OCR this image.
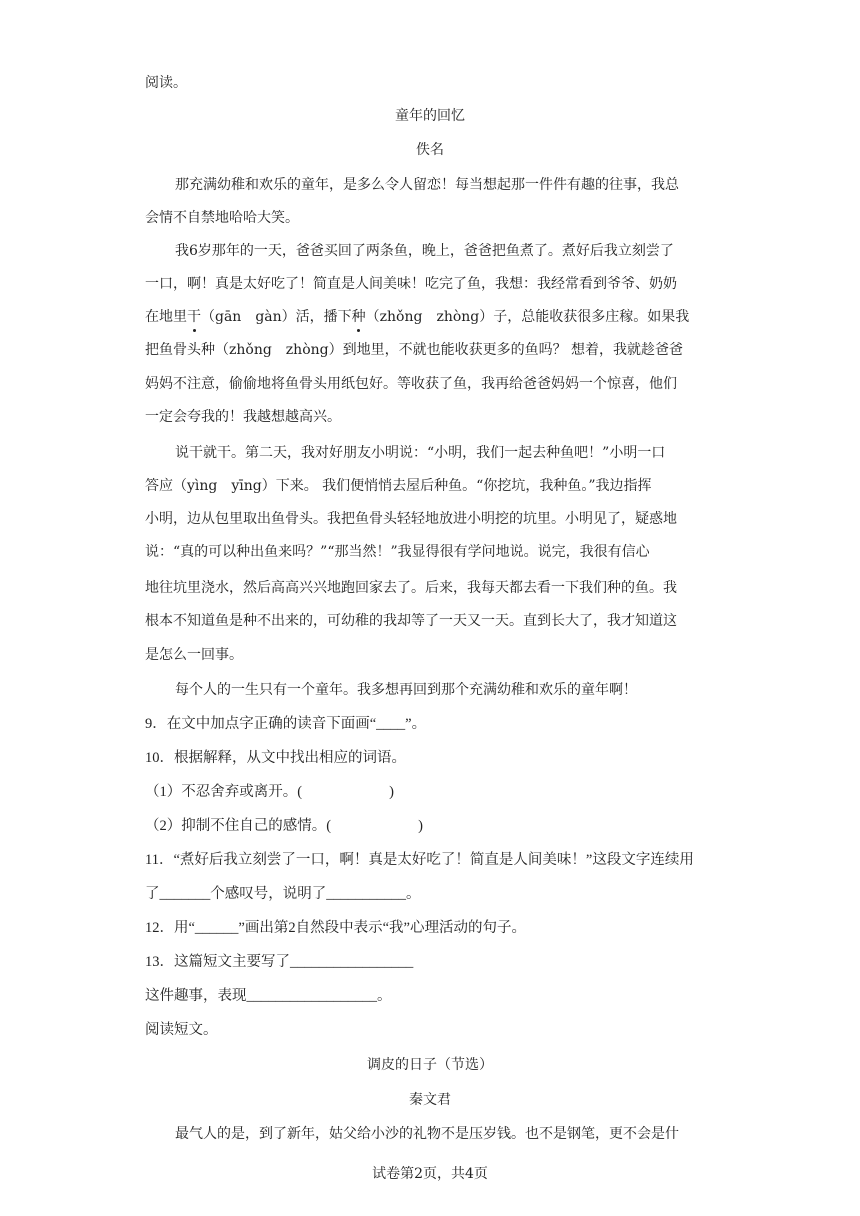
阅读。
童年的回忆
佚名
那充满幼稚和欢乐的童年，是多么令人留恋！每当想起那一件件有趣的往事，我总
会情不自禁地哈哈大笑。
我6岁那年的一天，爸爸买回了两条鱼，晚上，爸爸把鱼煮了。煮好后我立刻尝了
一口，啊！真是太好吃了！简直是人间美味！吃完了鱼，我想：我经常看到爷爷、奶奶
在地里干（gān　gàn）活，播下种（zhǒng　zhòng）子，总能收获很多庄稼。如果我
把鱼骨头种（zhǒng　zhòng）到地里，不就也能收获更多的鱼吗？ 想着，我就趁爸爸
妈妈不注意，偷偷地将鱼骨头用纸包好。等收获了鱼，我再给爸爸妈妈一个惊喜，他们
一定会夸我的！我越想越高兴。
说干就干。第二天，我对好朋友小明说：“小明，我们一起去种鱼吧！”小明一口
答应（yìng　yīng）下来。 我们便悄悄去屋后种鱼。“你挖坑，我种鱼。”我边指挥
小明，边从包里取出鱼骨头。我把鱼骨头轻轻地放进小明挖的坑里。小明见了，疑惑地
说：“真的可以种出鱼来吗？”“那当然！”我显得很有学问地说。说完，我很有信心
地往坑里浇水，然后高高兴兴地跑回家去了。后来，我每天都去看一下我们种的鱼。我
根本不知道鱼是种不出来的，可幼稚的我却等了一天又一天。直到长大了，我才知道这
是怎么一回事。
每个人的一生只有一个童年。我多想再回到那个充满幼稚和欢乐的童年啊！
9．在文中加点字正确的读音下面画“____”。
10．根据解释，从文中找出相应的词语。
（1）不忍舍弃或离开。(　　　　　　)
（2）抑制不住自己的感情。(　　　　　　)
11．“煮好后我立刻尝了一口，啊！真是太好吃了！简直是人间美味！”这段文字连续用
了_______个感叹号，说明了___________。
12．用“______”画出第2自然段中表示“我”心理活动的句子。
13．这篇短文主要写了_________________
这件趣事，表现__________________。
阅读短文。
调皮的日子（节选）
秦文君
最气人的是，到了新年，姑父给小沙的礼物不是压岁钱。也不是钢笔，更不会是什
试卷第2页，共4页
